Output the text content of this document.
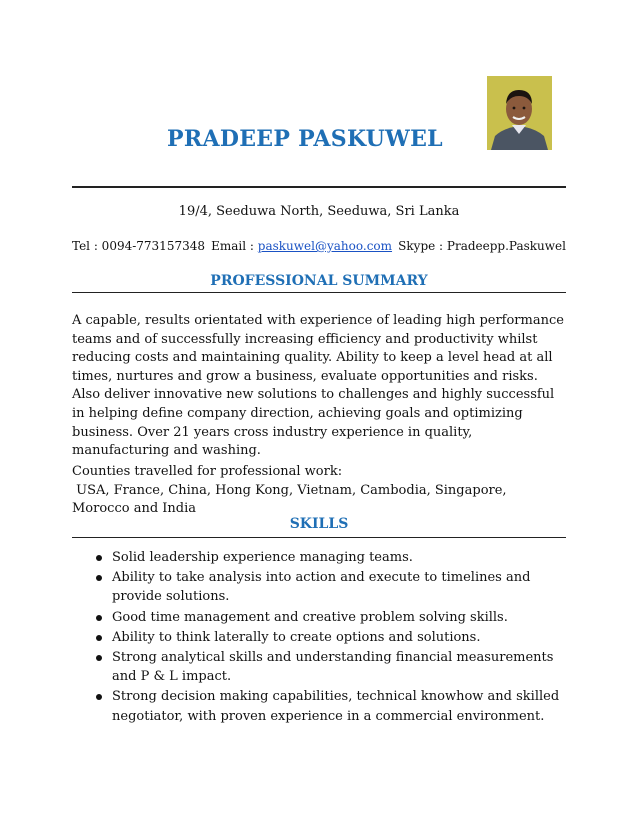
PRADEEP PASKUWEL
19/4, Seeduwa North, Seeduwa, Sri Lanka
Tel : 0094-773157348 Email : paskuwel@yahoo.com Skype : Pradeepp.Paskuwel
PROFESSIONAL SUMMARY

A capable, results orientated with experience of leading high performance teams and of successfully increasing efficiency and productivity whilst reducing costs and maintaining quality. Ability to keep a level head at all times, nurtures and grow a business, evaluate opportunities and risks. Also deliver innovative new solutions to challenges and highly successful in helping define company direction, achieving goals and optimizing business. Over 21 years cross industry experience in quality, manufacturing and washing.

Counties travelled for professional work:

USA, France, China, Hong Kong, Vietnam, Cambodia, Singapore, Morocco and India

SKILLS
Solid leadership experience managing teams.
Ability to take analysis into action and execute to timelines and provide solutions.
Good time management and creative problem solving skills.
Ability to think laterally to create options and solutions.
Strong analytical skills and understanding financial measurements and P & L impact.
Strong decision making capabilities, technical knowhow and skilled negotiator, with proven experience in a commercial environment.
